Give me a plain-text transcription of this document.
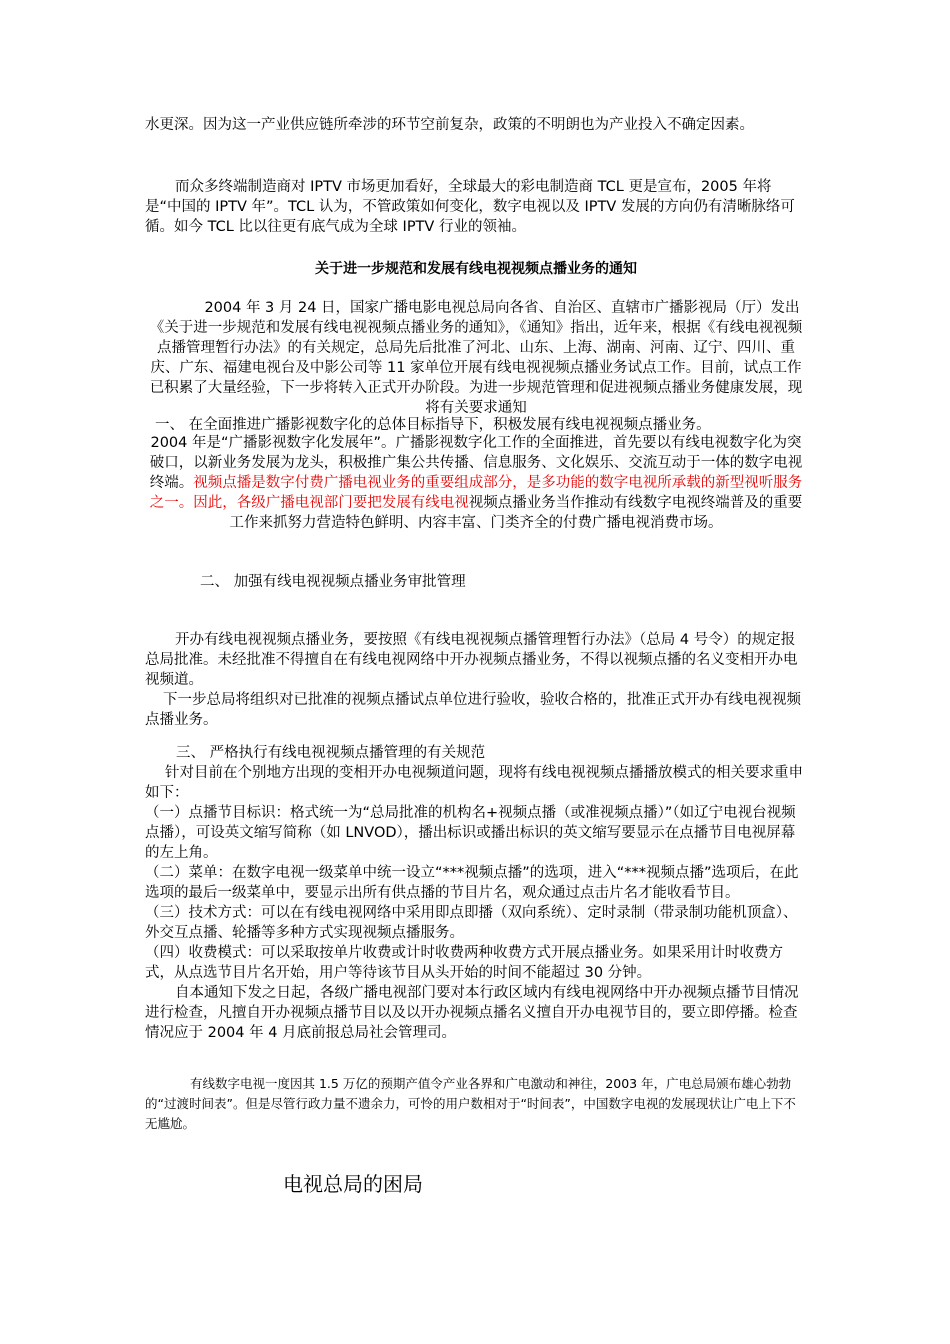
水更深。因为这一产业供应链所牵涉的环节空前复杂，政策的不明朗也为产业投入不确定因素。

而众多终端制造商对 IPTV 市场更加看好，全球最大的彩电制造商 TCL 更是宣布，2005 年将是“中国的 IPTV 年”。TCL 认为，不管政策如何变化，数字电视以及 IPTV 发展的方向仍有清晰脉络可循。如今 TCL 比以往更有底气成为全球 IPTV 行业的领袖。

关于进一步规范和发展有线电视视频点播业务的通知

2004 年 3 月 24 日，国家广播电影电视总局向各省、自治区、直辖市广播影视局（厅）发出《关于进一步规范和发展有线电视视频点播业务的通知》，《通知》指出，近年来，根据《有线电视视频点播管理暂行办法》的有关规定，总局先后批准了河北、山东、上海、湖南、河南、辽宁、四川、重庆、广东、福建电视台及中影公司等 11 家单位开展有线电视视频点播业务试点工作。目前，试点工作已积累了大量经验，下一步将转入正式开办阶段。为进一步规范管理和促进视频点播业务健康发展，现将有关要求通知

一、 在全面推进广播影视数字化的总体目标指导下，积极发展有线电视视频点播业务。

2004 年是“广播影视数字化发展年”。广播影视数字化工作的全面推进，首先要以有线电视数字化为突破口，以新业务发展为龙头，积极推广集公共传播、信息服务、文化娱乐、交流互动于一体的数字电视终端。视频点播是数字付费广播电视业务的重要组成部分，是多功能的数字电视所承载的新型视听服务之一。因此，各级广播电视部门要把发展有线电视视频点播业务当作推动有线数字电视终端普及的重要工作来抓努力营造特色鲜明、内容丰富、门类齐全的付费广播电视消费市场。

二、 加强有线电视视频点播业务审批管理

开办有线电视视频点播业务，要按照《有线电视视频点播管理暂行办法》（总局 4 号令）的规定报总局批准。未经批准不得擅自在有线电视网络中开办视频点播业务，不得以视频点播的名义变相开办电视频道。

下一步总局将组织对已批准的视频点播试点单位进行验收，验收合格的，批准正式开办有线电视视频点播业务。

三、 严格执行有线电视视频点播管理的有关规范

针对目前在个别地方出现的变相开办电视频道问题，现将有线电视视频点播播放模式的相关要求重申如下：

（一）点播节目标识：格式统一为“总局批准的机构名+视频点播（或准视频点播）”（如辽宁电视台视频点播），可设英文缩写简称（如 LNVOD），播出标识或播出标识的英文缩写要显示在点播节目电视屏幕的左上角。

（二）菜单：在数字电视一级菜单中统一设立“***视频点播”的选项，进入“***视频点播”选项后，在此选项的最后一级菜单中，要显示出所有供点播的节目片名，观众通过点击片名才能收看节目。

（三）技术方式：可以在有线电视网络中采用即点即播（双向系统）、定时录制（带录制功能机顶盒）、外交互点播、轮播等多种方式实现视频点播服务。

（四）收费模式：可以采取按单片收费或计时收费两种收费方式开展点播业务。如果采用计时收费方式，从点选节目片名开始，用户等待该节目从头开始的时间不能超过 30 分钟。

自本通知下发之日起，各级广播电视部门要对本行政区域内有线电视网络中开办视频点播节目情况进行检查，凡擅自开办视频点播节目以及以开办视频点播名义擅自开办电视节目的，要立即停播。检查情况应于 2004 年 4 月底前报总局社会管理司。

有线数字电视一度因其 1.5 万亿的预期产值令产业各界和广电激动和神往，2003 年，广电总局颁布雄心勃勃的“过渡时间表”。但是尽管行政力量不遗余力，可怜的用户数相对于“时间表”，中国数字电视的发展现状让广电上下不无尴尬。

电视总局的困局
